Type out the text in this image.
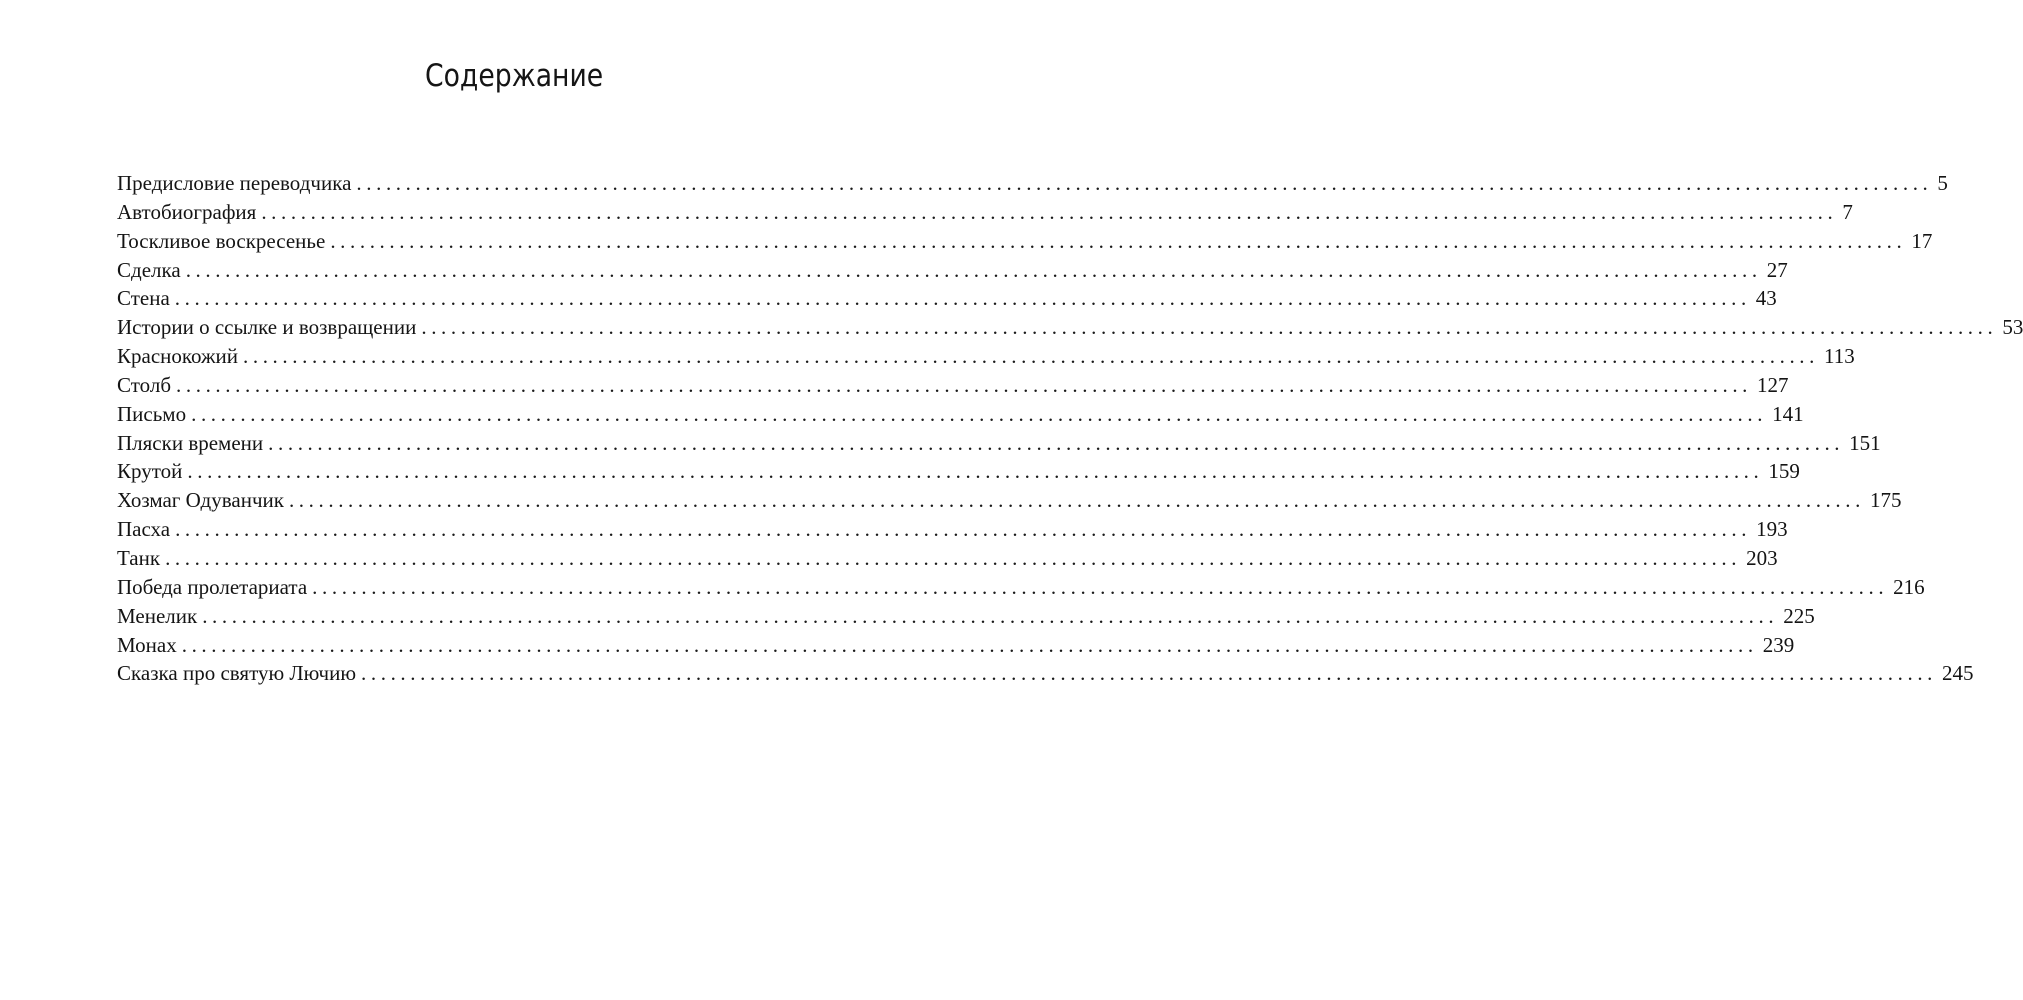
Содержание
Предисловие переводчика ................................................................................................................................................................ 5
Автобиография ................................................................................................................................................................ 7
Тоскливое воскресенье ................................................................................................................................................................ 17
Сделка ................................................................................................................................................................ 27
Стена ................................................................................................................................................................ 43
Истории о ссылке и возвращении ................................................................................................................................................................ 53
Краснокожий ................................................................................................................................................................ 113
Столб ................................................................................................................................................................ 127
Письмо ................................................................................................................................................................ 141
Пляски времени ................................................................................................................................................................ 151
Крутой ................................................................................................................................................................ 159
Хозмаг Одуванчик ................................................................................................................................................................ 175
Пасха ................................................................................................................................................................ 193
Танк ................................................................................................................................................................ 203
Победа пролетариата ................................................................................................................................................................ 216
Менелик ................................................................................................................................................................ 225
Монах ................................................................................................................................................................ 239
Сказка про святую Лючию ................................................................................................................................................................ 245
